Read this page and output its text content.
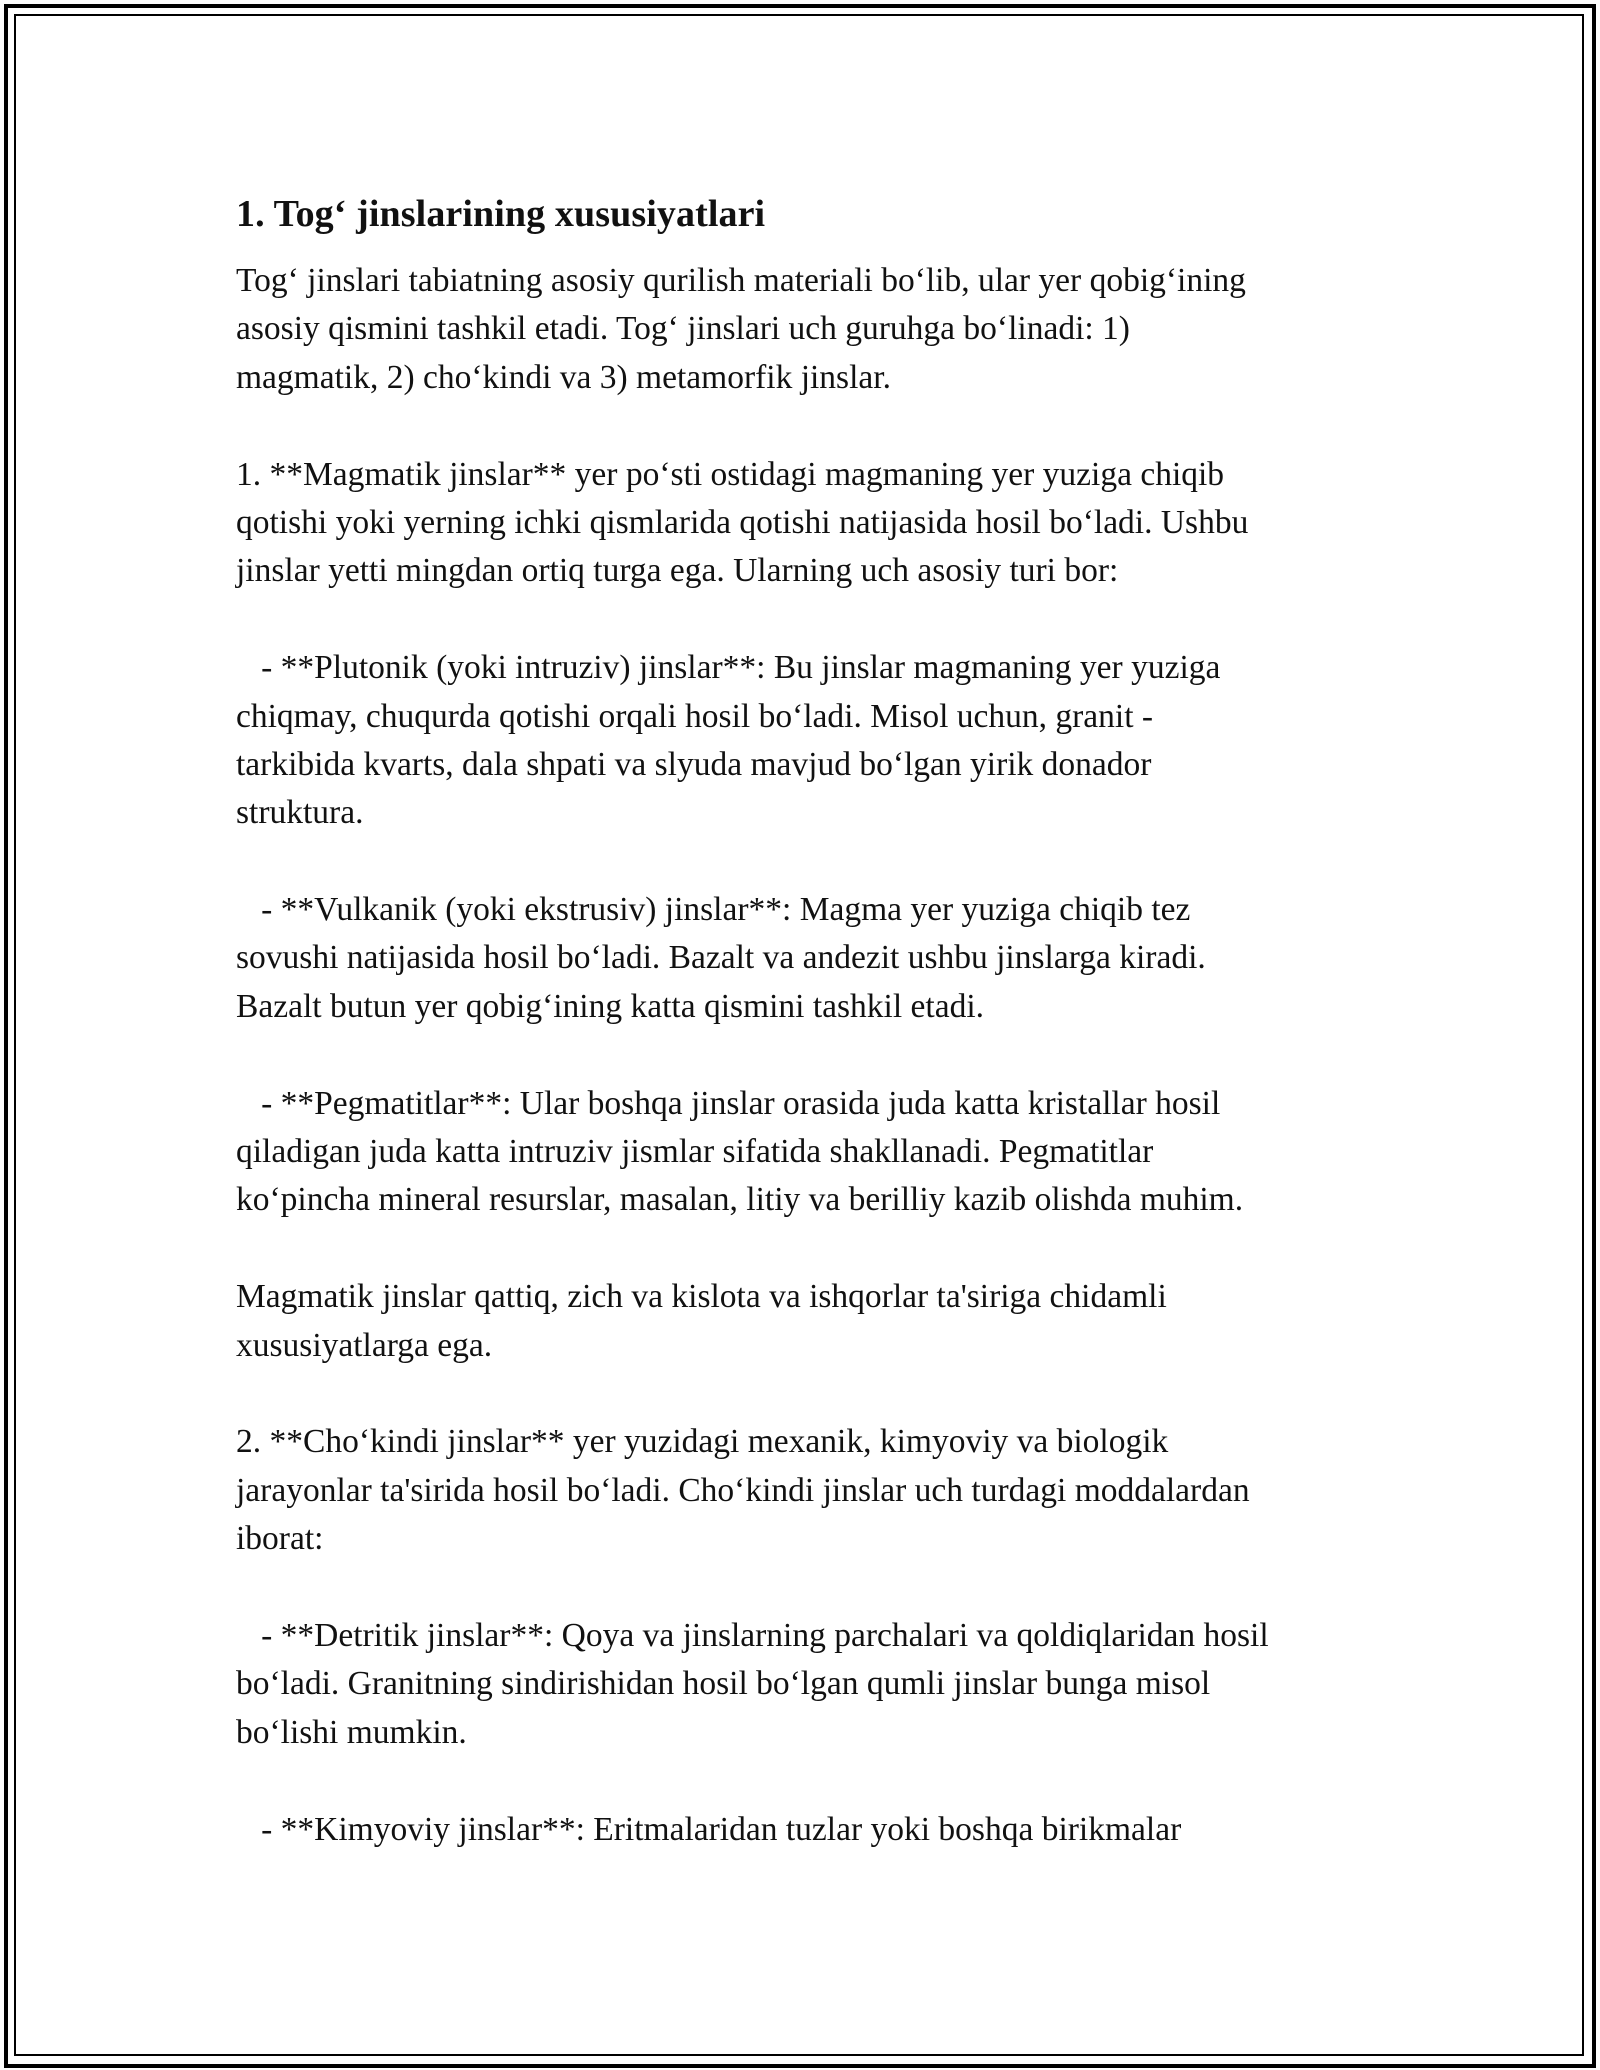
1. Tog‘ jinslarining xususiyatlari
Tog‘ jinslari tabiatning asosiy qurilish materiali bo‘lib, ular yer qobig‘ining
asosiy qismini tashkil etadi. Tog‘ jinslari uch guruhga bo‘linadi: 1)
magmatik, 2) cho‘kindi va 3) metamorfik jinslar.
1. **Magmatik jinslar** yer po‘sti ostidagi magmaning yer yuziga chiqib
qotishi yoki yerning ichki qismlarida qotishi natijasida hosil bo‘ladi. Ushbu
jinslar yetti mingdan ortiq turga ega. Ularning uch asosiy turi bor:
- **Plutonik (yoki intruziv) jinslar**: Bu jinslar magmaning yer yuziga
chiqmay, chuqurda qotishi orqali hosil bo‘ladi. Misol uchun, granit -
tarkibida kvarts, dala shpati va slyuda mavjud bo‘lgan yirik donador
struktura.
- **Vulkanik (yoki ekstrusiv) jinslar**: Magma yer yuziga chiqib tez
sovushi natijasida hosil bo‘ladi. Bazalt va andezit ushbu jinslarga kiradi.
Bazalt butun yer qobig‘ining katta qismini tashkil etadi.
- **Pegmatitlar**: Ular boshqa jinslar orasida juda katta kristallar hosil
qiladigan juda katta intruziv jismlar sifatida shakllanadi. Pegmatitlar
ko‘pincha mineral resurslar, masalan, litiy va berilliy kazib olishda muhim.
Magmatik jinslar qattiq, zich va kislota va ishqorlar ta'siriga chidamli
xususiyatlarga ega.
2. **Cho‘kindi jinslar** yer yuzidagi mexanik, kimyoviy va biologik
jarayonlar ta'sirida hosil bo‘ladi. Cho‘kindi jinslar uch turdagi moddalardan
iborat:
- **Detritik jinslar**: Qoya va jinslarning parchalari va qoldiqlaridan hosil
bo‘ladi. Granitning sindirishidan hosil bo‘lgan qumli jinslar bunga misol
bo‘lishi mumkin.
- **Kimyoviy jinslar**: Eritmalaridan tuzlar yoki boshqa birikmalar
